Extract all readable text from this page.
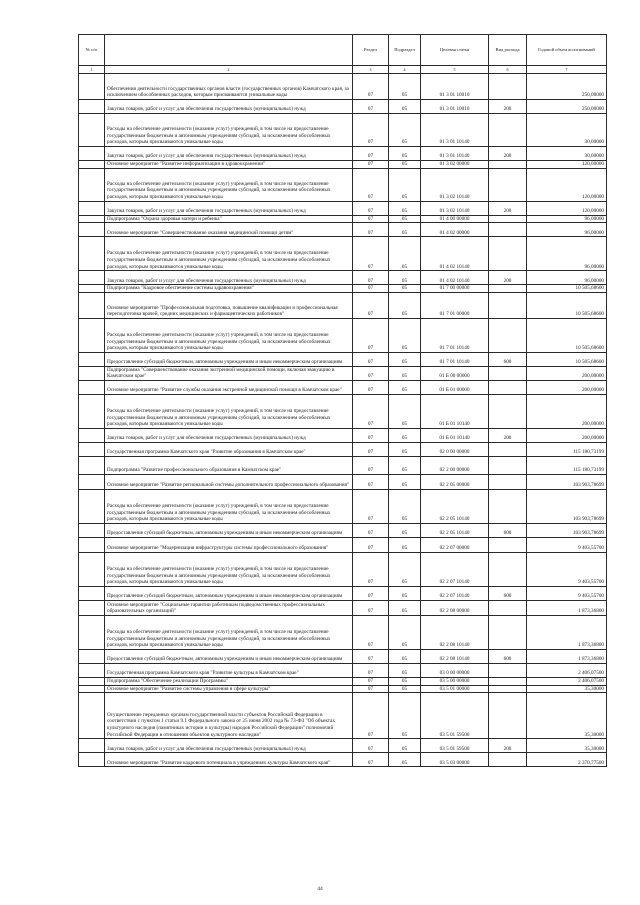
№ п/п		Раздел	Подраздел	Целевая статья	Вид расхода	Годовой объем ассигнований
1	2	3	4	5	6	7
	Обеспечения деятельности государственных органов власти (государственных органов) Камчатского края, за исключением обособленных расходов, которым присваиваются уникальные коды	07	05	01 3 01 10010		250,00000
	Закупка товаров, работ и услуг для обеспечения государственных (муниципальных) нужд	07	05	01 3 01 10010	200	250,00000
	Расходы на обеспечение деятельности (оказание услуг) учреждений, в том числе на предоставление государственным бюджетным и автономным учреждениям субсидий, за исключением обособленных расходов, которым присваиваются уникальные коды	07	05	01 3 01 10140		30,00000
	Закупка товаров, работ и услуг для обеспечения государственных (муниципальных) нужд	07	05	01 3 01 10140	200	30,00000
	Основное мероприятие "Развитие информатизации в здравоохранении"	07	05	01 3 02 00000		120,00000
	Расходы на обеспечение деятельности (оказание услуг) учреждений, в том числе на предоставление государственным бюджетным и автономным учреждениям субсидий, за исключением обособленных расходов, которым присваиваются уникальные коды	07	05	01 3 02 10140		120,00000
	Закупка товаров, работ и услуг для обеспечения государственных (муниципальных) нужд	07	05	01 3 02 10140	200	120,00000
	Подпрограмма "Охрана здоровья матери и ребенка"	07	05	01 4 00 00000		96,00000
	Основное мероприятие "Совершенствование оказания медицинской помощи детям"	07	05	01 4 02 00000		96,00000
	Расходы на обеспечение деятельности (оказание услуг) учреждений, в том числе на предоставление государственным бюджетным и автономным учреждениям субсидий, за исключением обособленных расходов, которым присваиваются уникальные коды	07	05	01 4 02 10140		96,00000
	Закупка товаров, работ и услуг для обеспечения государственных (муниципальных) нужд	07	05	01 4 02 10140	200	96,00000
	Подпрограмма "Кадровое обеспечение системы здравоохранения"	07	05	01 7 00 00000		10 505,68600
	Основное мероприятие "Профессиональная подготовка, повышение квалификации и профессиональная переподготовка врачей, средних медицинских и фармацевтических работников"	07	05	01 7 01 00000		10 505,68600
	Расходы на обеспечение деятельности (оказание услуг) учреждений, в том числе на предоставление государственным бюджетным и автономным учреждениям субсидий, за исключением обособленных расходов, которым присваиваются уникальные коды	07	05	01 7 01 10140		10 505,68600
	Предоставление субсидий бюджетным, автономным учреждениям и иным некоммерческим организациям	07	05	01 7 01 10140	600	10 505,68600
	Подпрограмма "Совершенствование оказания экстренной медицинской помощи, включая эвакуацию в Камчатском крае"	07	05	01 Б 00 00000		200,00000
	Основное мероприятие "Развитие службы оказания экстренной медицинской помощи в Камчатском крае"	07	05	01 Б 01 00000		200,00000
	Расходы на обеспечение деятельности (оказание услуг) учреждений, в том числе на предоставление государственным бюджетным и автономным учреждениям субсидий, за исключением обособленных расходов, которым присваиваются уникальные коды	07	05	01 Б 01 10140		200,00000
	Закупка товаров, работ и услуг для обеспечения государственных (муниципальных) нужд	07	05	01 Б 01 10140	200	200,00000
	Государственная программа Камчатского края "Развитие образования в Камчатском крае"	07	05	02 0 00 00000		115 180,73199
	Подпрограмма "Развитие профессионального образования в Камчатском крае"	07	05	02 2 00 00000		115 180,73199
	Основное мероприятие "Развитие региональной системы дополнительного профессионального образования"	07	05	02 2 05 00000		103 903,78699
	Расходы на обеспечение деятельности (оказание услуг) учреждений, в том числе на предоставление государственным бюджетным и автономным учреждениям субсидий, за исключением обособленных расходов, которым присваиваются уникальные коды	07	05	02 2 05 10140		103 903,78699
	Предоставление субсидий бюджетным, автономным учреждениям и иным некоммерческим организациям	07	05	02 2 05 10140	600	103 903,78699
	Основное мероприятие "Модернизация инфраструктуры системы профессионального образования"	07	05	02 2 07 00000		9 403,55700
	Расходы на обеспечение деятельности (оказание услуг) учреждений, в том числе на предоставление государственным бюджетным и автономным учреждениям субсидий, за исключением обособленных расходов, которым присваиваются уникальные коды	07	05	02 2 07 10140		9 403,55700
	Предоставление субсидий бюджетным, автономным учреждениям и иным некоммерческим организациям	07	05	02 2 07 10140	600	9 403,55700
	Основное мероприятие "Социальные гарантии работникам подведомственных профессиональных образовательных организаций"	07	05	02 2 08 00000		1 873,36800
	Расходы на обеспечение деятельности (оказание услуг) учреждений, в том числе на предоставление государственным бюджетным и автономным учреждениям субсидий, за исключением обособленных расходов, которым присваиваются уникальные коды	07	05	02 2 08 10140		1 873,36800
	Предоставление субсидий бюджетным, автономным учреждениям и иным некоммерческим организациям	07	05	02 2 08 10140	600	1 873,36800
	Государственная программа Камчатского края "Развитие культуры в Камчатском крае"	07	05	03 0 00 00000		2 406,07500
	Подпрограмма "Обеспечение реализации Программы"	07	05	03 5 00 00000		2 406,07500
	Основное мероприятие "Развитие системы управления в сфере культуры"	07	05	03 5 01 00000		35,30000
	Осуществление переданных органам государственной власти субъектов Российской Федерации в соответствии с пунктом 1 статьи 9.1 Федерального закона от 25 июня 2002 года № 73-ФЗ "Об объектах культурного наследия (памятниках истории и культуры) народов Российской Федерации" полномочий Российской Федерации в отношении объектов культурного наследия"	07	05	03 5 01 59500		35,30000
	Закупка товаров, работ и услуг для обеспечения государственных (муниципальных) нужд	07	05	03 5 01 59500	200	35,30000
	Основное мероприятие "Развитие кадрового потенциала в учреждениях культуры Камчатского края"	07	05	03 5 03 00000		2 370,77500
44
